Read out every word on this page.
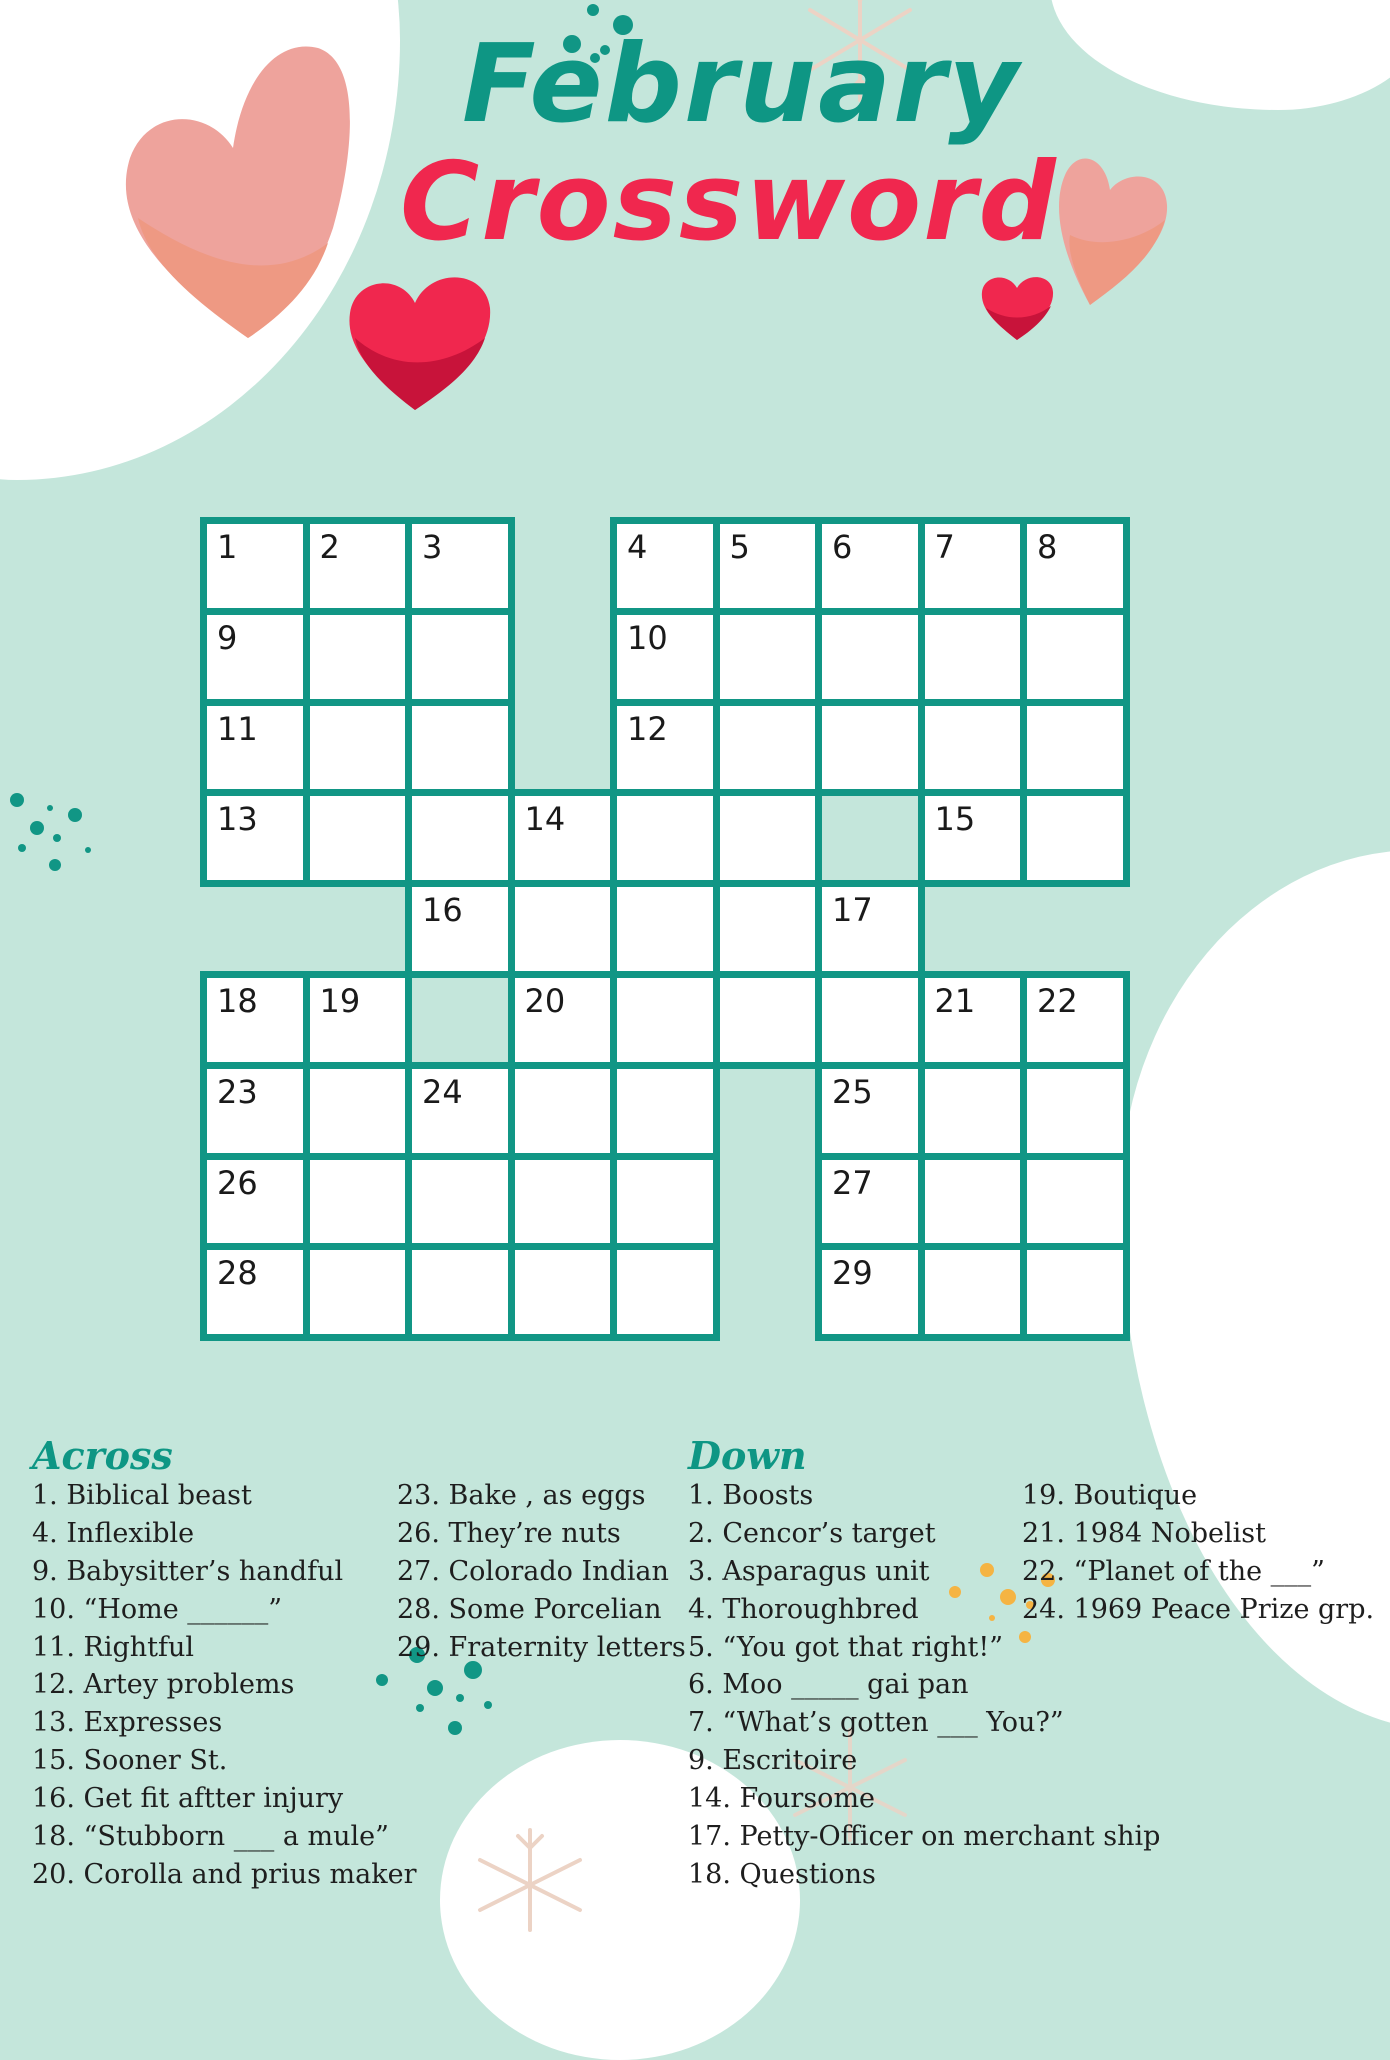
February
Crossword
1	2	3	4	5	6	7	8
9	10
11	12
13	14	15
16	17
18 19	20	21 22
23	24	25
26	27
28	29
Across
1. Biblical beast
4. Inflexible
9. Babysitter’s handful
10. “Home ______”
11. Rightful
12. Artey problems
13. Expresses
15. Sooner St.
16. Get fit aftter injury
18. “Stubborn ___ a mule”
20. Corolla and prius maker
23. Bake , as eggs
26. They’re nuts
27. Colorado Indian
28. Some Porcelian
29. Fraternity letters
Down
1. Boosts
2. Cencor’s target
3. Asparagus unit
4. Thoroughbred
5. “You got that right!”
6. Moo _____ gai pan
7. “What’s gotten ___ You?”
9. Escritoire
14. Foursome
17. Petty-Officer on merchant ship
18. Questions
19. Boutique
21. 1984 Nobelist
22. “Planet of the ___”
24. 1969 Peace Prize grp.
